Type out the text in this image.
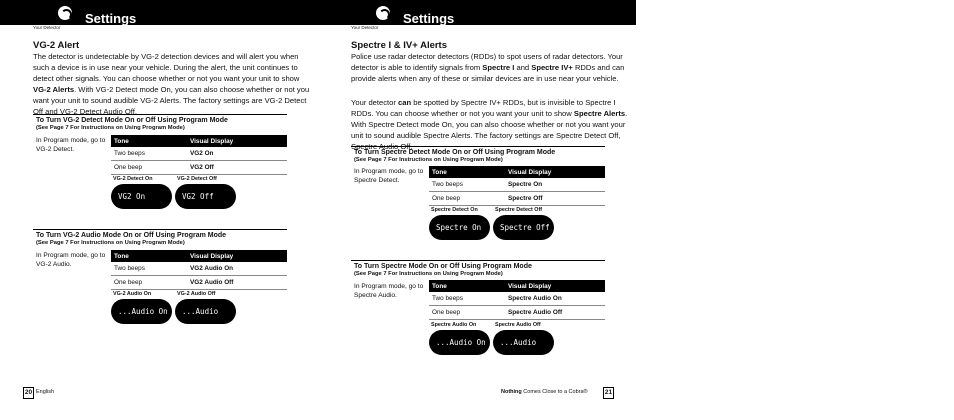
Settings
Your Detector
VG-2 Alert

The detector is undetectable by VG-2 detection devices and will alert you when such a device is in use near your vehicle. During the alert, the unit continues to detect other signals. You can choose whether or not you want your unit to show VG-2 Alerts. With VG-2 Detect mode On, you can also choose whether or not you want your unit to sound audible VG-2 Alerts. The factory settings are VG-2 Detect Off and VG-2 Detect Audio Off.

To Turn VG-2 Detect Mode On or Off Using Program Mode
(See Page 7 For Instructions on Using Program Mode)
In Program mode, go to VG-2 Detect.
Tone	Visual Display
Two beeps	VG2 On
One beep	VG2 Off
VG-2 Detect On	VG-2 Detect Off
VG2 On	VG2 Off
To Turn VG-2 Audio Mode On or Off Using Program Mode
(See Page 7 For Instructions on Using Program Mode)
In Program mode, go to VG-2 Audio.
Tone	Visual Display
Two beeps	VG2 Audio On
One beep	VG2 Audio Off
VG-2 Audio On	VG-2 Audio Off
...Audio On	...Audio Off
20 English
Settings
Your Detector
Spectre I & IV+ Alerts

Police use radar detector detectors (RDDs) to spot users of radar detectors. Your detector is able to identify signals from Spectre I and Spectre IV+ RDDs and can provide alerts when any of these or similar devices are in use near your vehicle.

Your detector can be spotted by Spectre IV+ RDDs, but is invisible to Spectre I RDDs. You can choose whether or not you want your unit to show Spectre Alerts. With Spectre Detect mode On, you can also choose whether or not you want your unit to sound audible Spectre Alerts. The factory settings are Spectre Detect Off, Spectre Audio Off.

To Turn Spectre Detect Mode On or Off Using Program Mode
(See Page 7 For Instructions on Using Program Mode)
In Program mode, go to Spectre Detect.
Tone	Visual Display
Two beeps	Spectre On
One beep	Spectre Off
Spectre Detect On	Spectre Detect Off
Spectre On	Spectre Off
To Turn Spectre Mode On or Off Using Program Mode
(See Page 7 For Instructions on Using Program Mode)
In Program mode, go to Spectre Audio.
Tone	Visual Display
Two beeps	Spectre Audio On
One beep	Spectre Audio Off
Spectre Audio On	Spectre Audio Off
...Audio On	...Audio Off
Nothing Comes Close to a Cobra®	21
